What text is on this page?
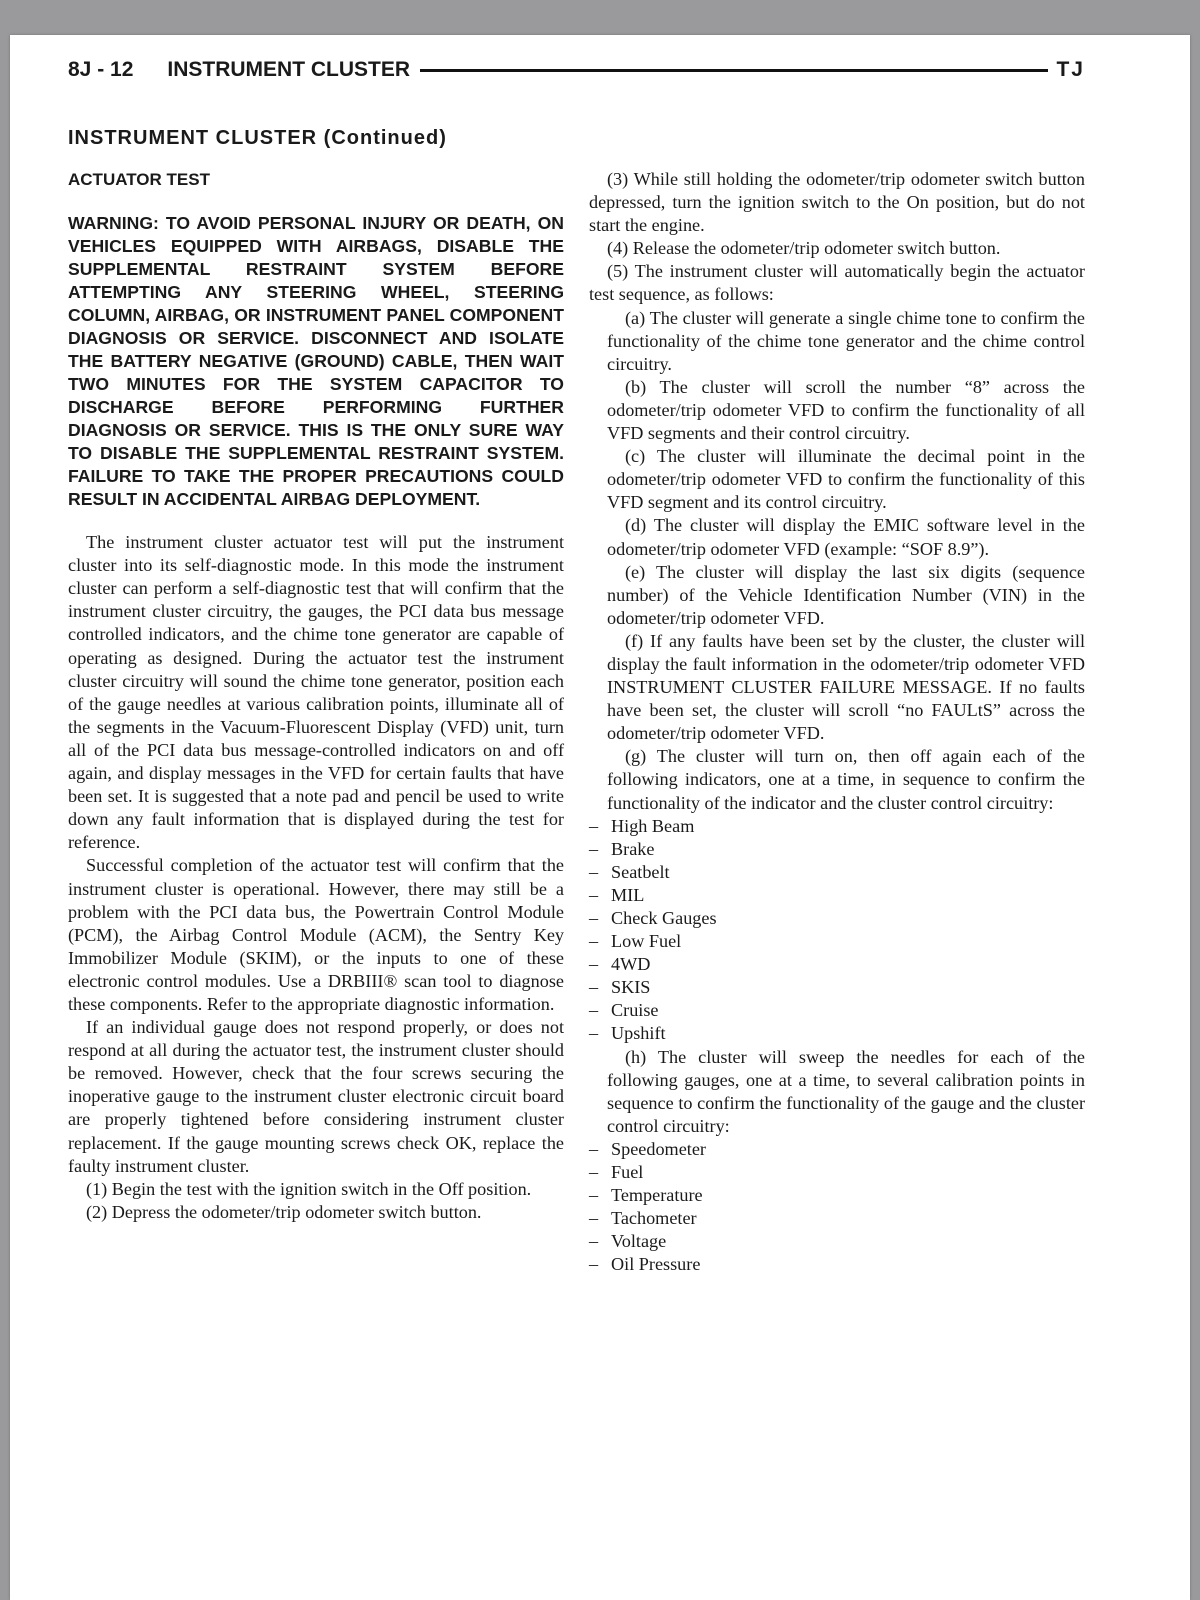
8J - 12 INSTRUMENT CLUSTER	TJ
INSTRUMENT CLUSTER (Continued)
ACTUATOR TEST

WARNING: TO AVOID PERSONAL INJURY OR DEATH, ON VEHICLES EQUIPPED WITH AIRBAGS, DISABLE THE SUPPLEMENTAL RESTRAINT SYSTEM BEFORE ATTEMPTING ANY STEERING WHEEL, STEERING COLUMN, AIRBAG, OR INSTRUMENT PANEL COMPONENT DIAGNOSIS OR SERVICE. DISCONNECT AND ISOLATE THE BATTERY NEGATIVE (GROUND) CABLE, THEN WAIT TWO MINUTES FOR THE SYSTEM CAPACITOR TO DISCHARGE BEFORE PERFORMING FURTHER DIAGNOSIS OR SERVICE. THIS IS THE ONLY SURE WAY TO DISABLE THE SUPPLEMENTAL RESTRAINT SYSTEM. FAILURE TO TAKE THE PROPER PRECAUTIONS COULD RESULT IN ACCIDENTAL AIRBAG DEPLOYMENT.

The instrument cluster actuator test will put the instrument cluster into its self-diagnostic mode. In this mode the instrument cluster can perform a self-diagnostic test that will confirm that the instrument cluster circuitry, the gauges, the PCI data bus message controlled indicators, and the chime tone generator are capable of operating as designed. During the actuator test the instrument cluster circuitry will sound the chime tone generator, position each of the gauge needles at various calibration points, illuminate all of the segments in the Vacuum-Fluorescent Display (VFD) unit, turn all of the PCI data bus message-controlled indicators on and off again, and display messages in the VFD for certain faults that have been set. It is suggested that a note pad and pencil be used to write down any fault information that is displayed during the test for reference.

Successful completion of the actuator test will confirm that the instrument cluster is operational. However, there may still be a problem with the PCI data bus, the Powertrain Control Module (PCM), the Airbag Control Module (ACM), the Sentry Key Immobilizer Module (SKIM), or the inputs to one of these electronic control modules. Use a DRBIII® scan tool to diagnose these components. Refer to the appropriate diagnostic information.

If an individual gauge does not respond properly, or does not respond at all during the actuator test, the instrument cluster should be removed. However, check that the four screws securing the inoperative gauge to the instrument cluster electronic circuit board are properly tightened before considering instrument cluster replacement. If the gauge mounting screws check OK, replace the faulty instrument cluster.

(1) Begin the test with the ignition switch in the Off position.

(2) Depress the odometer/trip odometer switch button.

(3) While still holding the odometer/trip odometer switch button depressed, turn the ignition switch to the On position, but do not start the engine.

(4) Release the odometer/trip odometer switch button.

(5) The instrument cluster will automatically begin the actuator test sequence, as follows:

(a) The cluster will generate a single chime tone to confirm the functionality of the chime tone generator and the chime control circuitry.

(b) The cluster will scroll the number “8” across the odometer/trip odometer VFD to confirm the functionality of all VFD segments and their control circuitry.

(c) The cluster will illuminate the decimal point in the odometer/trip odometer VFD to confirm the functionality of this VFD segment and its control circuitry.

(d) The cluster will display the EMIC software level in the odometer/trip odometer VFD (example: “SOF 8.9”).

(e) The cluster will display the last six digits (sequence number) of the Vehicle Identification Number (VIN) in the odometer/trip odometer VFD.

(f) If any faults have been set by the cluster, the cluster will display the fault information in the odometer/trip odometer VFD INSTRUMENT CLUSTER FAILURE MESSAGE. If no faults have been set, the cluster will scroll “no FAULtS” across the odometer/trip odometer VFD.

(g) The cluster will turn on, then off again each of the following indicators, one at a time, in sequence to confirm the functionality of the indicator and the cluster control circuitry:

– High Beam
– Brake
– Seatbelt
– MIL
– Check Gauges
– Low Fuel
– 4WD
– SKIS
– Cruise
– Upshift

(h) The cluster will sweep the needles for each of the following gauges, one at a time, to several calibration points in sequence to confirm the functionality of the gauge and the cluster control circuitry:

– Speedometer
– Fuel
– Temperature
– Tachometer
– Voltage
– Oil Pressure
